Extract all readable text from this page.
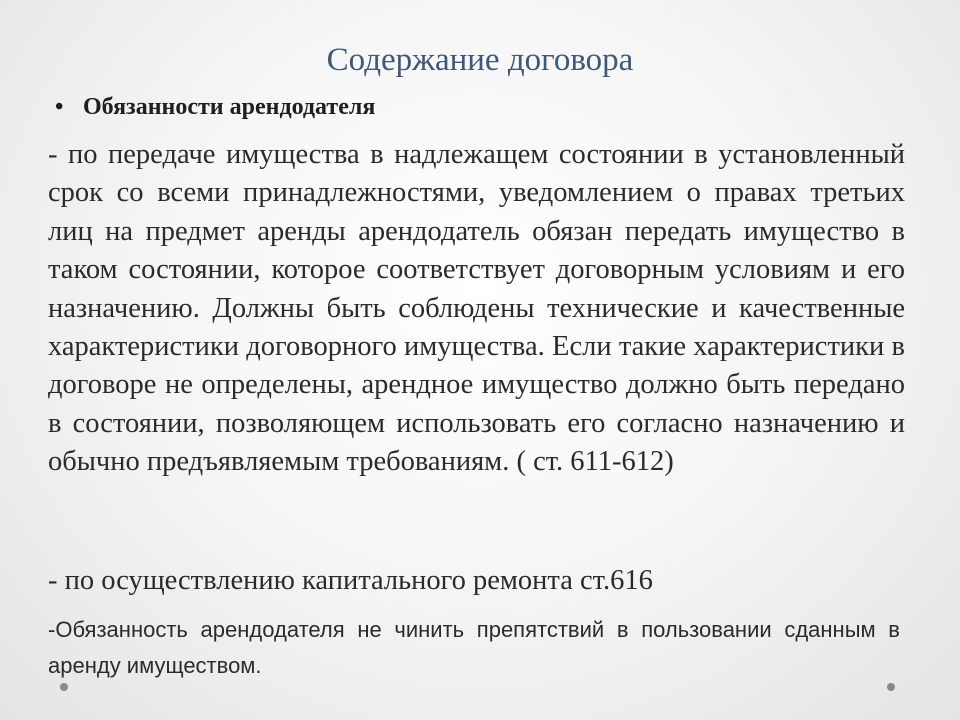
Содержание договора
• Обязанности арендодателя
- по передаче имущества в надлежащем состоянии в установленный срок со всеми принадлежностями, уведомлением о правах третьих лиц на предмет аренды арендодатель обязан передать имущество в таком состоянии, которое соответствует договорным условиям и его назначению. Должны быть соблюдены технические и качественные характеристики договорного имущества. Если такие характеристики в договоре не определены, арендное имущество должно быть передано в состоянии, позволяющем использовать его согласно назначению и обычно предъявляемым требованиям. ( ст. 611-612)
- по осуществлению капитального ремонта ст.616
-Обязанность арендодателя не чинить препятствий в пользовании сданным в аренду имуществом.
